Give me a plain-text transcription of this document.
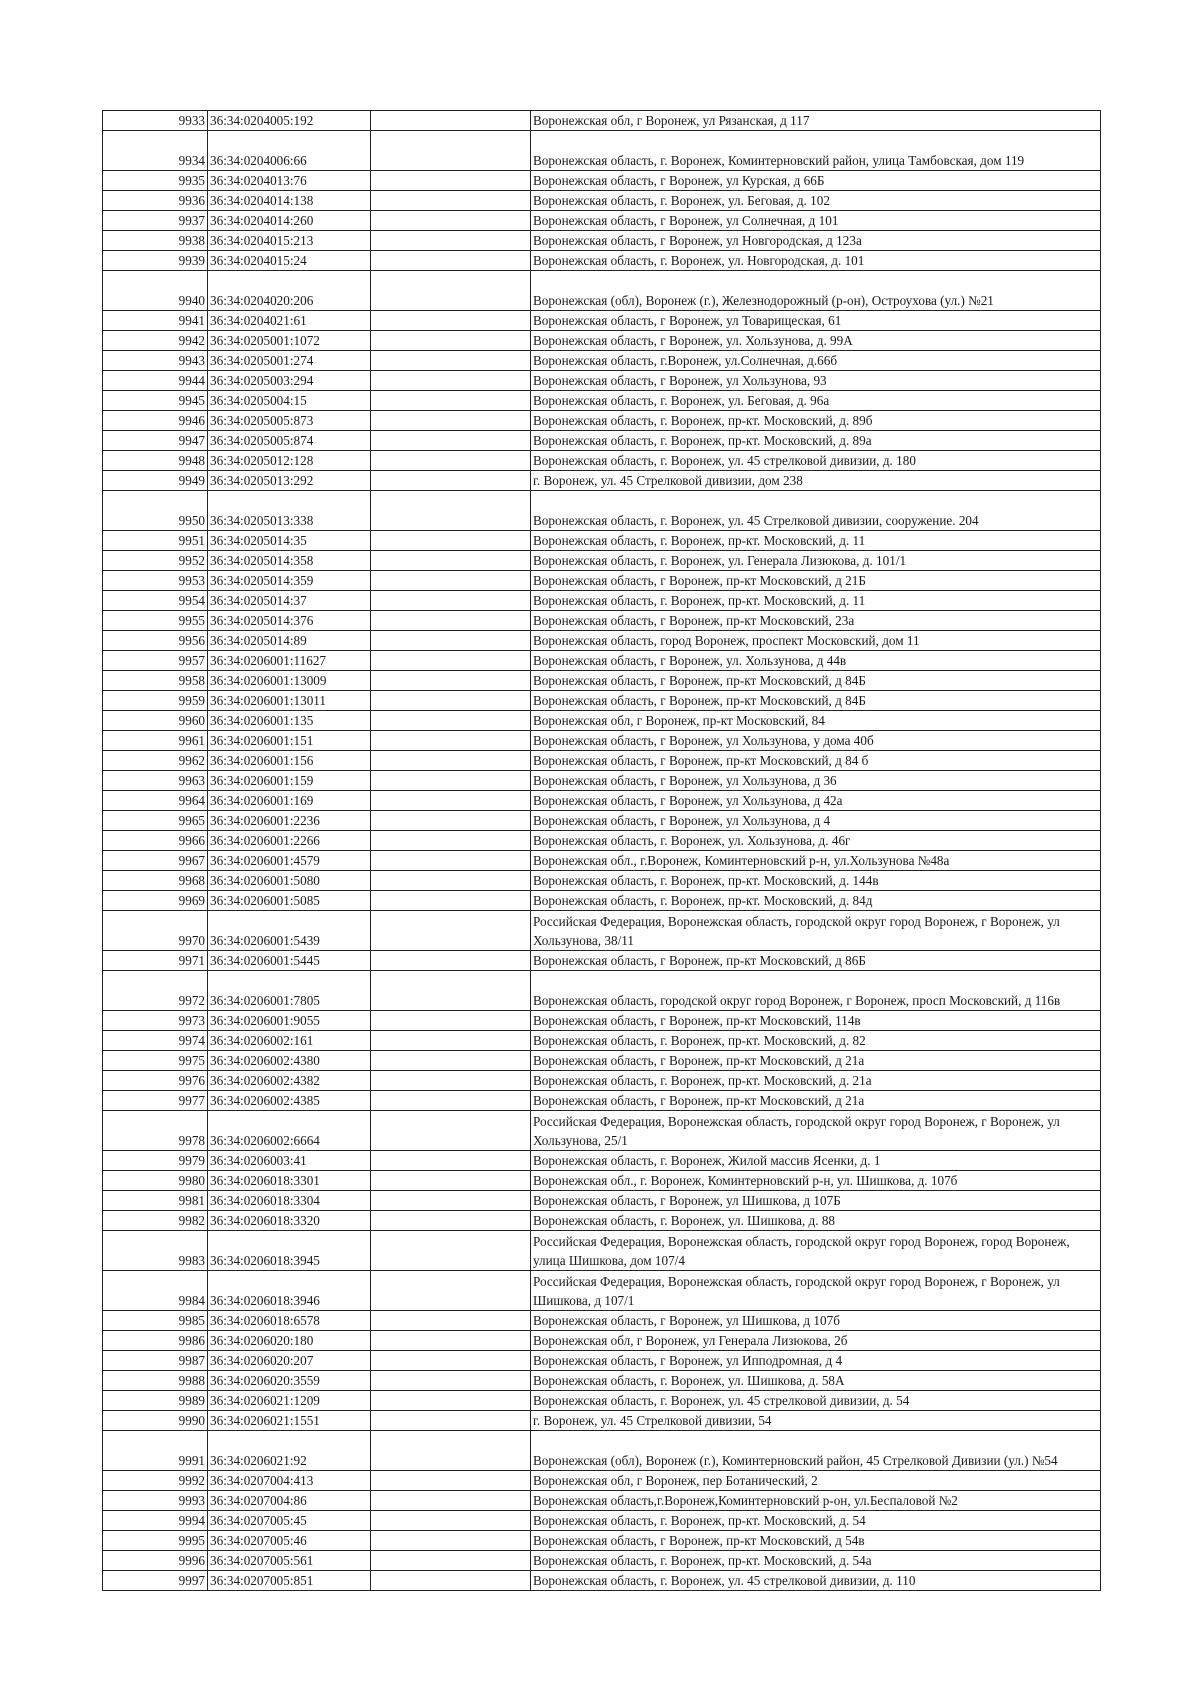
9933	36:34:0204005:192		Воронежская обл, г Воронеж, ул Рязанская, д 117
9934	36:34:0204006:66		Воронежская область, г. Воронеж, Коминтерновский район, улица Тамбовская, дом 119
9935	36:34:0204013:76		Воронежская область, г Воронеж, ул Курская, д 66Б
9936	36:34:0204014:138		Воронежская область, г. Воронеж, ул. Беговая, д. 102
9937	36:34:0204014:260		Воронежская область, г Воронеж, ул Солнечная, д 101
9938	36:34:0204015:213		Воронежская область, г Воронеж, ул Новгородская, д 123а
9939	36:34:0204015:24		Воронежская область, г. Воронеж, ул. Новгородская, д. 101
9940	36:34:0204020:206		Воронежская (обл), Воронеж (г.), Железнодорожный (р-он), Остроухова (ул.) №21
9941	36:34:0204021:61		Воронежская область, г Воронеж, ул Товарищеская, 61
9942	36:34:0205001:1072		Воронежская область, г Воронеж, ул. Хользунова, д. 99А
9943	36:34:0205001:274		Воронежская область, г.Воронеж, ул.Солнечная, д.66б
9944	36:34:0205003:294		Воронежская область, г Воронеж, ул Хользунова, 93
9945	36:34:0205004:15		Воронежская область, г. Воронеж, ул. Беговая, д. 96а
9946	36:34:0205005:873		Воронежская область, г. Воронеж, пр-кт. Московский, д. 89б
9947	36:34:0205005:874		Воронежская область, г. Воронеж, пр-кт. Московский, д. 89а
9948	36:34:0205012:128		Воронежская область, г. Воронеж, ул. 45 стрелковой дивизии, д. 180
9949	36:34:0205013:292		г. Воронеж, ул. 45 Стрелковой дивизии, дом 238
9950	36:34:0205013:338		Воронежская область, г. Воронеж, ул. 45 Стрелковой дивизии, сооружение. 204
9951	36:34:0205014:35		Воронежская область, г. Воронеж, пр-кт. Московский, д. 11
9952	36:34:0205014:358		Воронежская область, г. Воронеж, ул. Генерала Лизюкова, д. 101/1
9953	36:34:0205014:359		Воронежская область, г Воронеж, пр-кт Московский, д 21Б
9954	36:34:0205014:37		Воронежская область, г. Воронеж, пр-кт. Московский, д. 11
9955	36:34:0205014:376		Воронежская область, г Воронеж, пр-кт Московский, 23а
9956	36:34:0205014:89		Воронежская область, город Воронеж, проспект Московский, дом 11
9957	36:34:0206001:11627		Воронежская область, г Воронеж, ул. Хользунова, д 44в
9958	36:34:0206001:13009		Воронежская область, г Воронеж, пр-кт Московский, д 84Б
9959	36:34:0206001:13011		Воронежская область, г Воронеж, пр-кт Московский, д 84Б
9960	36:34:0206001:135		Воронежская обл, г Воронеж, пр-кт Московский, 84
9961	36:34:0206001:151		Воронежская область, г Воронеж, ул Хользунова, у дома 40б
9962	36:34:0206001:156		Воронежская область, г Воронеж, пр-кт Московский, д 84 б
9963	36:34:0206001:159		Воронежская область, г Воронеж, ул Хользунова, д 36
9964	36:34:0206001:169		Воронежская область, г Воронеж, ул Хользунова, д 42а
9965	36:34:0206001:2236		Воронежская область, г Воронеж, ул Хользунова, д 4
9966	36:34:0206001:2266		Воронежская область, г. Воронеж, ул. Хользунова, д. 46г
9967	36:34:0206001:4579		Воронежская обл., г.Воронеж, Коминтерновский р-н, ул.Хользунова №48а
9968	36:34:0206001:5080		Воронежская область, г. Воронеж, пр-кт. Московский, д. 144в
9969	36:34:0206001:5085		Воронежская область, г. Воронеж, пр-кт. Московский, д. 84д
9970	36:34:0206001:5439		Российская Федерация, Воронежская область, городской округ город Воронеж, г Воронеж, ул Хользунова, 38/11
9971	36:34:0206001:5445		Воронежская область, г Воронеж, пр-кт Московский, д 86Б
9972	36:34:0206001:7805		Воронежская область, городской округ город Воронеж, г Воронеж, просп Московский, д 116в
9973	36:34:0206001:9055		Воронежская область, г Воронеж, пр-кт Московский, 114в
9974	36:34:0206002:161		Воронежская область, г. Воронеж, пр-кт. Московский, д. 82
9975	36:34:0206002:4380		Воронежская область, г Воронеж, пр-кт Московский, д 21а
9976	36:34:0206002:4382		Воронежская область, г. Воронеж, пр-кт. Московский, д. 21а
9977	36:34:0206002:4385		Воронежская область, г Воронеж, пр-кт Московский, д 21а
9978	36:34:0206002:6664		Российская Федерация, Воронежская область, городской округ город Воронеж, г Воронеж, ул Хользунова, 25/1
9979	36:34:0206003:41		Воронежская область, г. Воронеж, Жилой массив Ясенки, д. 1
9980	36:34:0206018:3301		Воронежская обл., г. Воронеж, Коминтерновский р-н, ул. Шишкова, д. 107б
9981	36:34:0206018:3304		Воронежская область, г Воронеж, ул Шишкова, д 107Б
9982	36:34:0206018:3320		Воронежская область, г. Воронеж, ул. Шишкова, д. 88
9983	36:34:0206018:3945		Российская Федерация, Воронежская область, городской округ город Воронеж, город Воронеж, улица Шишкова, дом 107/4
9984	36:34:0206018:3946		Российская Федерация, Воронежская область, городской округ город Воронеж, г Воронеж, ул Шишкова, д 107/1
9985	36:34:0206018:6578		Воронежская область, г Воронеж, ул Шишкова, д 107б
9986	36:34:0206020:180		Воронежская обл, г Воронеж, ул Генерала Лизюкова, 2б
9987	36:34:0206020:207		Воронежская область, г Воронеж, ул Ипподромная, д 4
9988	36:34:0206020:3559		Воронежская область, г. Воронеж, ул. Шишкова, д. 58А
9989	36:34:0206021:1209		Воронежская область, г. Воронеж, ул. 45 стрелковой дивизии, д. 54
9990	36:34:0206021:1551		г. Воронеж, ул. 45 Стрелковой дивизии, 54
9991	36:34:0206021:92		Воронежская (обл), Воронеж (г.), Коминтерновский район, 45 Стрелковой Дивизии (ул.) №54
9992	36:34:0207004:413		Воронежская обл, г Воронеж, пер Ботанический, 2
9993	36:34:0207004:86		Воронежская область,г.Воронеж,Коминтерновский р-он, ул.Беспаловой №2
9994	36:34:0207005:45		Воронежская область, г. Воронеж, пр-кт. Московский, д. 54
9995	36:34:0207005:46		Воронежская область, г Воронеж, пр-кт Московский, д 54в
9996	36:34:0207005:561		Воронежская область, г. Воронеж, пр-кт. Московский, д. 54а
9997	36:34:0207005:851		Воронежская область, г. Воронеж, ул. 45 стрелковой дивизии, д. 110
